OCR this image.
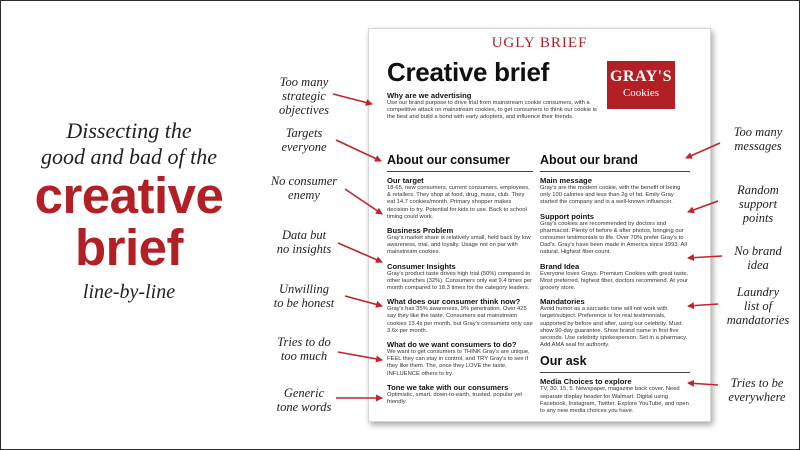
Dissecting the
good and bad of the
creative
brief
line-by-line
Too many
strategic
objectives
Targets
everyone
No consumer
enemy
Data but
no insights
Unwilling
to be honest
Tries to do
too much
Generic
tone words
Too many
messages
Random
support
points
No brand
idea
Laundry
list of
mandatories
Tries to be
everywhere
UGLY BRIEF
Creative brief	GRAY'S
Cookies
Why are we advertising
Use our brand purpose to drive trial from mainstream cookie consumers, with a competitive attack on mainstream cookies, to get consumers to think our cookie is the best and build a bond with early adopters, and influence their friends.
About our consumer
Our target
18-65, new consumers, current consumers, employees, & retailers. They shop at food, drug, mass, club. They eat 14.7 cookies/month. Primary shopper makes decision to try. Potential for kids to use. Back to school timing could work.
Business Problem
Gray's market share is relatively small, held back by low awareness, trial, and loyalty. Usage not on par with mainstream cookies.
Consumer Insights
Gray's product taste drives high trial (50%) compared to other launches (32%). Consumers only eat 9.4 times per month compared to 18.3 times for the category leaders.
What does our consumer think now?
Gray's has 35% awareness, 9% penetration. Over 425 say they like the taste. Consumers eat mainstream cookies 13.4x per month, but Gray's consumers only use 3.6x per month.
What do we want consumers to do?
We want to get consumers to THINK Gray's are unique, FEEL they can stay in control, and TRY Gray's to see if they like them. The, once they LOVE the taste, INFLUENCE others to try.
Tone we take with our consumers
Optimistic, smart, down-to-earth, trusted, popular yet friendly.
About our brand
Main message
Gray's are the modern cookie, with the benefit of being only 100 calories and less than 2g of fat. Emily Gray started the company and is a well-known influencer.
Support points
Gray's cookies are recommended by doctors and pharmacist. Plenty of before & after photos, bringing our consumer testimonials to life. Over 70% prefer Gray's to Dad's. Gray's have been made in America since 1993. All natural. Highest fiber count.
Brand Idea
Everyone loves Grays. Premium Cookies with great taste. Most preferred, highest fiber, doctors recommend. At your grocery store.
Mandatories
Avoid humor as a sarcastic tone will not work with target/subject. Preference is for real testimonials, supported by before and after, using our celebrity. Must show 90-day guarantee. Show brand name in first five seconds. Use celebrity spokesperson. Set in a pharmacy. Add AMA seal for authority.
Our ask
Media Choices to explore
TV, 30, 15, 5. Newspaper, magazine back cover. Need separate display header for Walmart. Digital using Facebook, Instagram, Twitter. Explore YouTube, and open to any new media choices you have.
